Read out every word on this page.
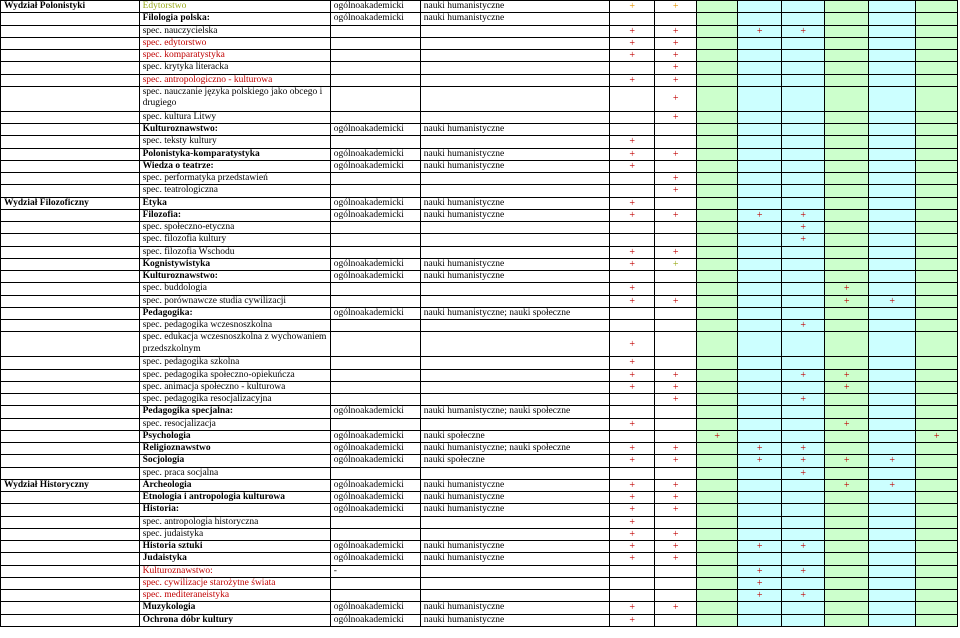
Wydział Polonistyki	Edytorstwo	ogólnoakademicki	nauki humanistyczne	+	+						
	Filologia polska:	ogólnoakademicki	nauki humanistyczne								
	spec. nauczycielska			+	+		+	+			
	spec. edytorstwo			+	+						
	spec. komparatystyka			+	+						
	spec. krytyka literacka				+						
	spec. antropologiczno - kulturowa			+	+						
	spec. nauczanie języka polskiego jako obcego i drugiego				+						
	spec. kultura Litwy				+						
	Kulturoznawstwo:	ogólnoakademicki	nauki humanistyczne								
	spec. teksty kultury			+							
	Polonistyka-komparatystyka	ogólnoakademicki	nauki humanistyczne	+	+						
	Wiedza o teatrze:	ogólnoakademicki	nauki humanistyczne	+							
	spec. performatyka przedstawień				+						
	spec. teatrologiczna				+						
Wydział Filozoficzny	Etyka	ogólnoakademicki	nauki humanistyczne	+							
	Filozofia:	ogólnoakademicki	nauki humanistyczne	+	+		+	+			
	spec. społeczno-etyczna							+			
	spec. filozofia kultury							+			
	spec. filozofia Wschodu			+	+						
	Kognistywistyka	ogólnoakademicki	nauki humanistyczne	+	+						
	Kulturoznawstwo:	ogólnoakademicki	nauki humanistyczne								
	spec. buddologia			+					+		
	spec. porównawcze studia cywilizacji			+	+				+	+	
	Pedagogika:	ogólnoakademicki	nauki humanistyczne; nauki społeczne								
	spec. pedagogika wczesnoszkolna							+			
	spec. edukacja wczesnoszkolna z wychowaniem przedszkolnym			+							
	spec. pedagogika szkolna			+							
	spec. pedagogika społeczno-opiekuńcza			+	+			+	+		
	spec. animacja społeczno - kulturowa			+	+				+		
	spec. pedagogika resocjalizacyjna				+			+			
	Pedagogika specjalna:	ogólnoakademicki	nauki humanistyczne; nauki społeczne								
	spec. resocjalizacja			+					+		
	Psychologia	ogólnoakademicki	nauki społeczne			+					+
	Religioznawstwo	ogólnoakademicki	nauki humanistyczne; nauki społeczne	+	+		+	+			
	Socjologia	ogólnoakademicki	nauki społeczne	+	+		+	+	+	+	
	spec. praca socjalna							+			
Wydział Historyczny	Archeologia	ogólnoakademicki	nauki humanistyczne	+	+				+	+	
	Etnologia i antropologia kulturowa	ogólnoakademicki	nauki humanistyczne	+	+						
	Historia:	ogólnoakademicki	nauki humanistyczne	+	+						
	spec. antropologia historyczna			+							
	spec. judaistyka			+	+						
	Historia sztuki	ogólnoakademicki	nauki humanistyczne	+	+		+	+			
	Judaistyka	ogólnoakademicki	nauki humanistyczne	+	+						
	Kulturoznawstwo:	-					+	+			
	spec. cywilizacje starożytne świata						+				
	spec. mediteraneistyka						+	+			
	Muzykologia	ogólnoakademicki	nauki humanistyczne	+	+						
	Ochrona dóbr kultury	ogólnoakademicki	nauki humanistyczne	+							
